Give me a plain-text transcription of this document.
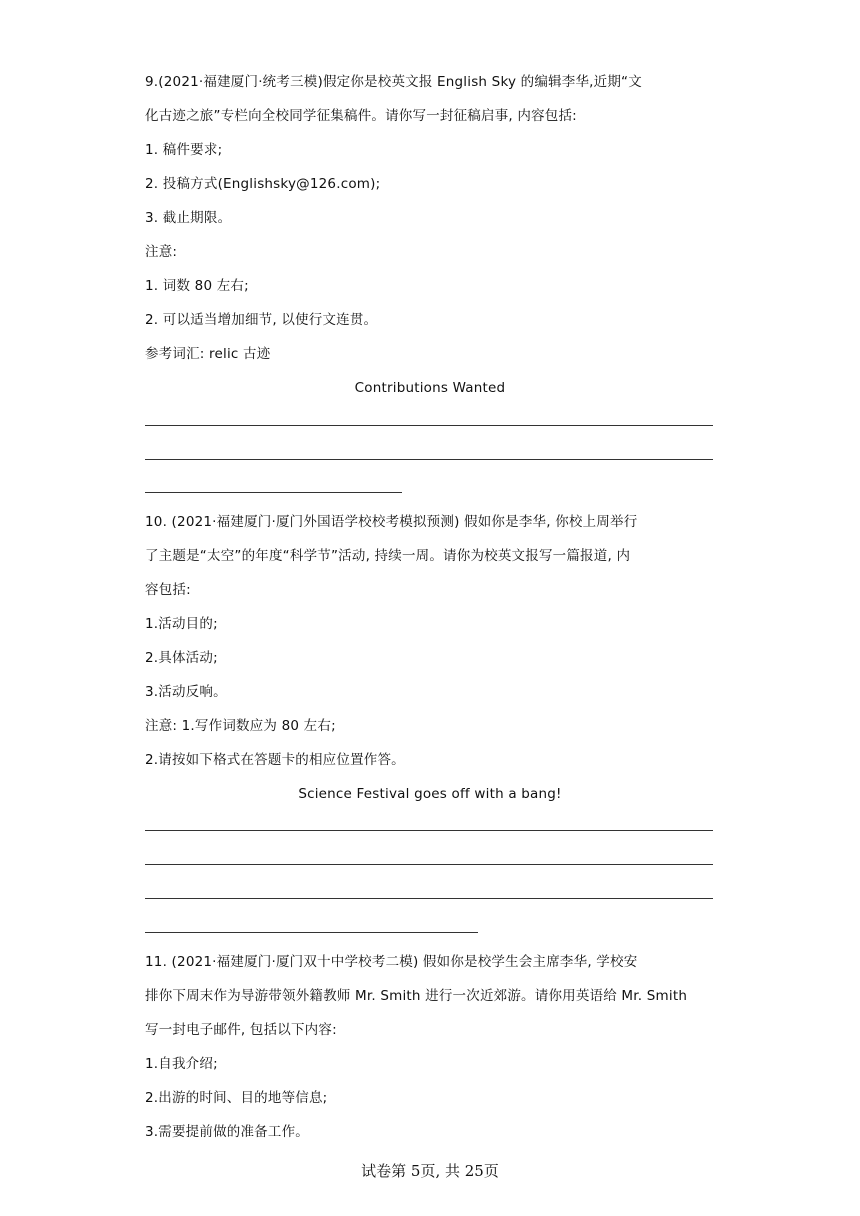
9.(2021·福建厦门·统考三模)假定你是校英文报 English Sky 的编辑李华,近期“文
化古迹之旅”专栏向全校同学征集稿件。请你写一封征稿启事, 内容包括:
1. 稿件要求;
2. 投稿方式(Englishsky@126.com);
3. 截止期限。
注意:
1. 词数 80 左右;
2. 可以适当增加细节, 以使行文连贯。
参考词汇: relic 古迹
Contributions Wanted
10. (2021·福建厦门·厦门外国语学校校考模拟预测) 假如你是李华, 你校上周举行
了主题是“太空”的年度“科学节”活动, 持续一周。请你为校英文报写一篇报道, 内
容包括:
1.活动目的;
2.具体活动;
3.活动反响。
注意: 1.写作词数应为 80 左右;
2.请按如下格式在答题卡的相应位置作答。
Science Festival goes off with a bang!
11. (2021·福建厦门·厦门双十中学校考二模) 假如你是校学生会主席李华, 学校安
排你下周末作为导游带领外籍教师 Mr. Smith 进行一次近郊游。请你用英语给 Mr. Smith
写一封电子邮件, 包括以下内容:
1.自我介绍;
2.出游的时间、目的地等信息;
3.需要提前做的准备工作。
试卷第 5页, 共 25页
